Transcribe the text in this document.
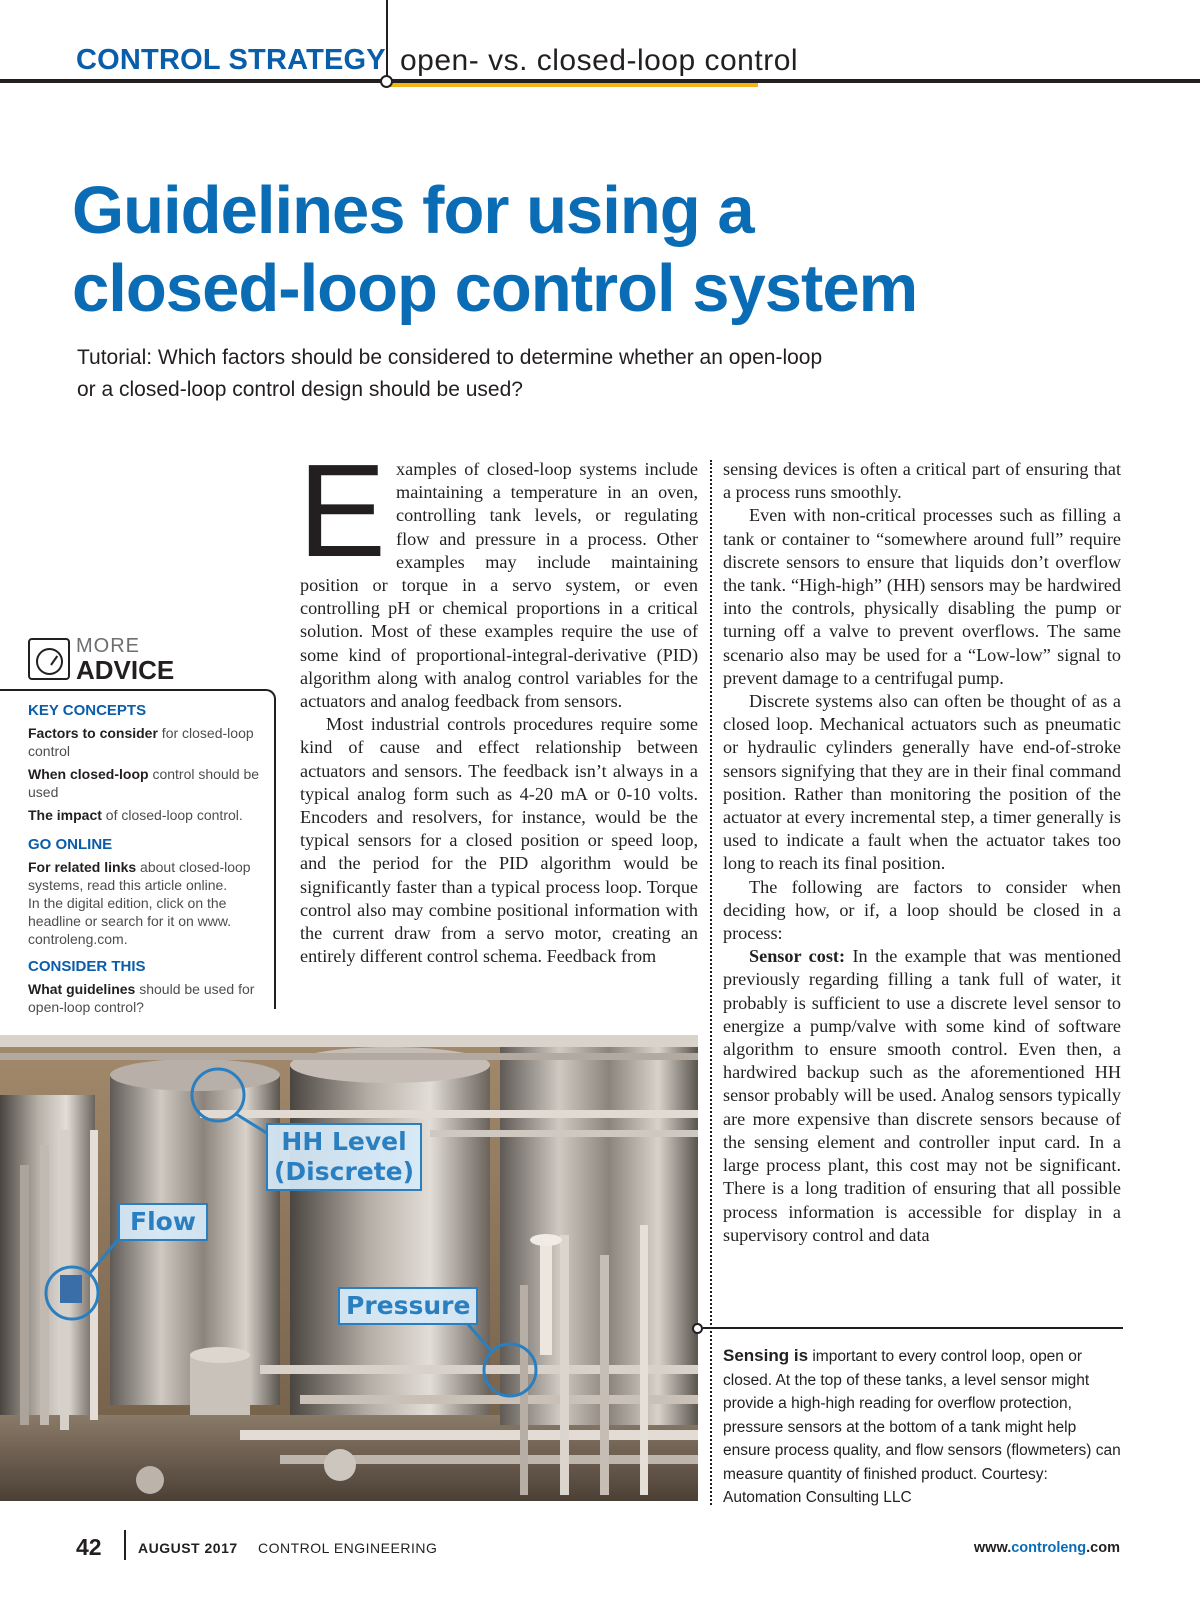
CONTROL STRATEGY open- vs. closed-loop control
Guidelines for using a
closed-loop control system
Tutorial: Which factors should be considered to determine whether an open-loop
or a closed-loop control design should be used?
MORE
ADVICE
KEY CONCEPTS
Factors to consider for closed-loop control
When closed-loop control should be used
The impact of closed-loop control.
GO ONLINE
For related links about closed-loop systems, read this article online.
In the digital edition, click on the headline or search for it on www. controleng.com.
CONSIDER THIS
What guidelines should be used for open-loop control?
E xamples of closed-loop systems include maintaining a temperature in an oven, controlling tank levels, or regulating flow and pressure in a process. Other examples may include maintaining position or torque in a servo system, or even controlling pH or chemical proportions in a critical solution. Most of these examples require the use of some kind of proportional-integral-derivative (PID) algorithm along with analog control variables for the actuators and analog feedback from sensors.

Most industrial controls procedures require some kind of cause and effect relationship between actuators and sensors. The feedback isn’t always in a typical analog form such as 4-20 mA or 0-10 volts. Encoders and resolvers, for instance, would be the typical sensors for a closed position or speed loop, and the period for the PID algorithm would be significantly faster than a typical process loop. Torque control also may combine positional information with the current draw from a servo motor, creating an entirely different control schema. Feedback from

sensing devices is often a critical part of ensuring that a process runs smoothly.

Even with non-critical processes such as filling a tank or container to “somewhere around full” require discrete sensors to ensure that liquids don’t overflow the tank. “High-high” (HH) sensors may be hardwired into the controls, physically disabling the pump or turning off a valve to prevent overflows. The same scenario also may be used for a “Low-low” signal to prevent damage to a centrifugal pump.

Discrete systems also can often be thought of as a closed loop. Mechanical actuators such as pneumatic or hydraulic cylinders generally have end-of-stroke sensors signifying that they are in their final command position. Rather than monitoring the position of the actuator at every incremental step, a timer generally is used to indicate a fault when the actuator takes too long to reach its final position.

The following are factors to consider when deciding how, or if, a loop should be closed in a process:

Sensor cost: In the example that was mentioned previously regarding filling a tank full of water, it probably is sufficient to use a discrete level sensor to energize a pump/valve with some kind of software algorithm to ensure smooth control. Even then, a hardwired backup such as the aforementioned HH sensor probably will be used. Analog sensors typically are more expensive than discrete sensors because of the sensing element and controller input card. In a large process plant, this cost may not be significant. There is a long tradition of ensuring that all possible process information is accessible for display in a supervisory control and data

HH Level
(Discrete)
Flow
Pressure
Sensing is important to every control loop, open or closed. At the top of these tanks, a level sensor might provide a high-high reading for overflow protection, pressure sensors at the bottom of a tank might help ensure process quality, and flow sensors (flowmeters) can measure quantity of finished product. Courtesy: Automation Consulting LLC
42	AUGUST 2017 CONTROL ENGINEERING	www.controleng.com
